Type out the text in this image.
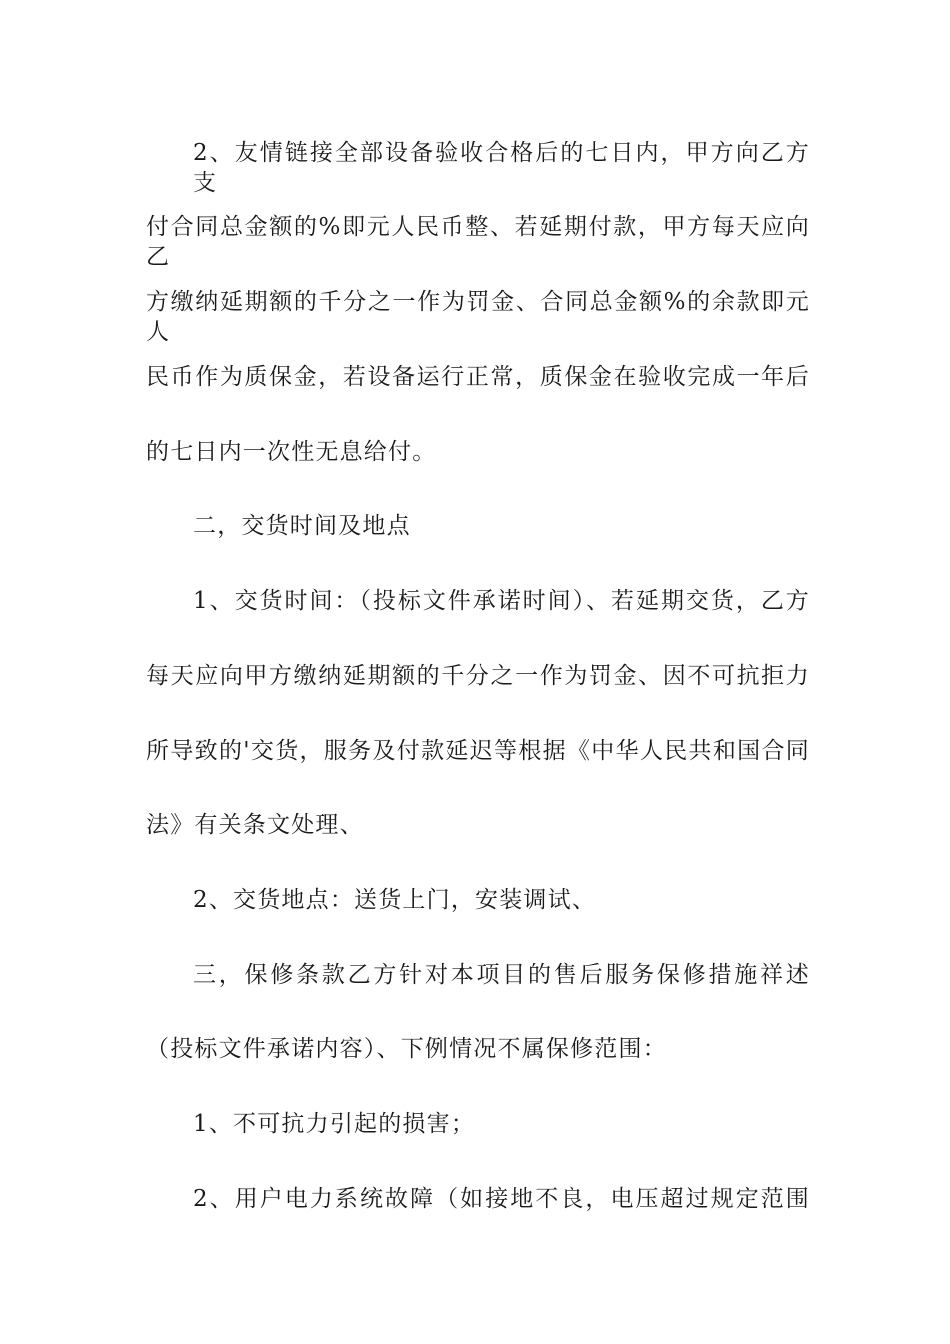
2、友情链接全部设备验收合格后的七日内，甲方向乙方支
付合同总金额的%即元人民币整、若延期付款，甲方每天应向乙
方缴纳延期额的千分之一作为罚金、合同总金额%的余款即元人
民币作为质保金，若设备运行正常，质保金在验收完成一年后
的七日内一次性无息给付。
二，交货时间及地点
1、交货时间：（投标文件承诺时间）、若延期交货，乙方
每天应向甲方缴纳延期额的千分之一作为罚金、因不可抗拒力
所导致的'交货，服务及付款延迟等根据《中华人民共和国合同
法》有关条文处理、
2、交货地点：送货上门，安装调试、
三，保修条款乙方针对本项目的售后服务保修措施祥述
（投标文件承诺内容）、下例情况不属保修范围：
1、不可抗力引起的损害；
2、用户电力系统故障（如接地不良，电压超过规定范围
